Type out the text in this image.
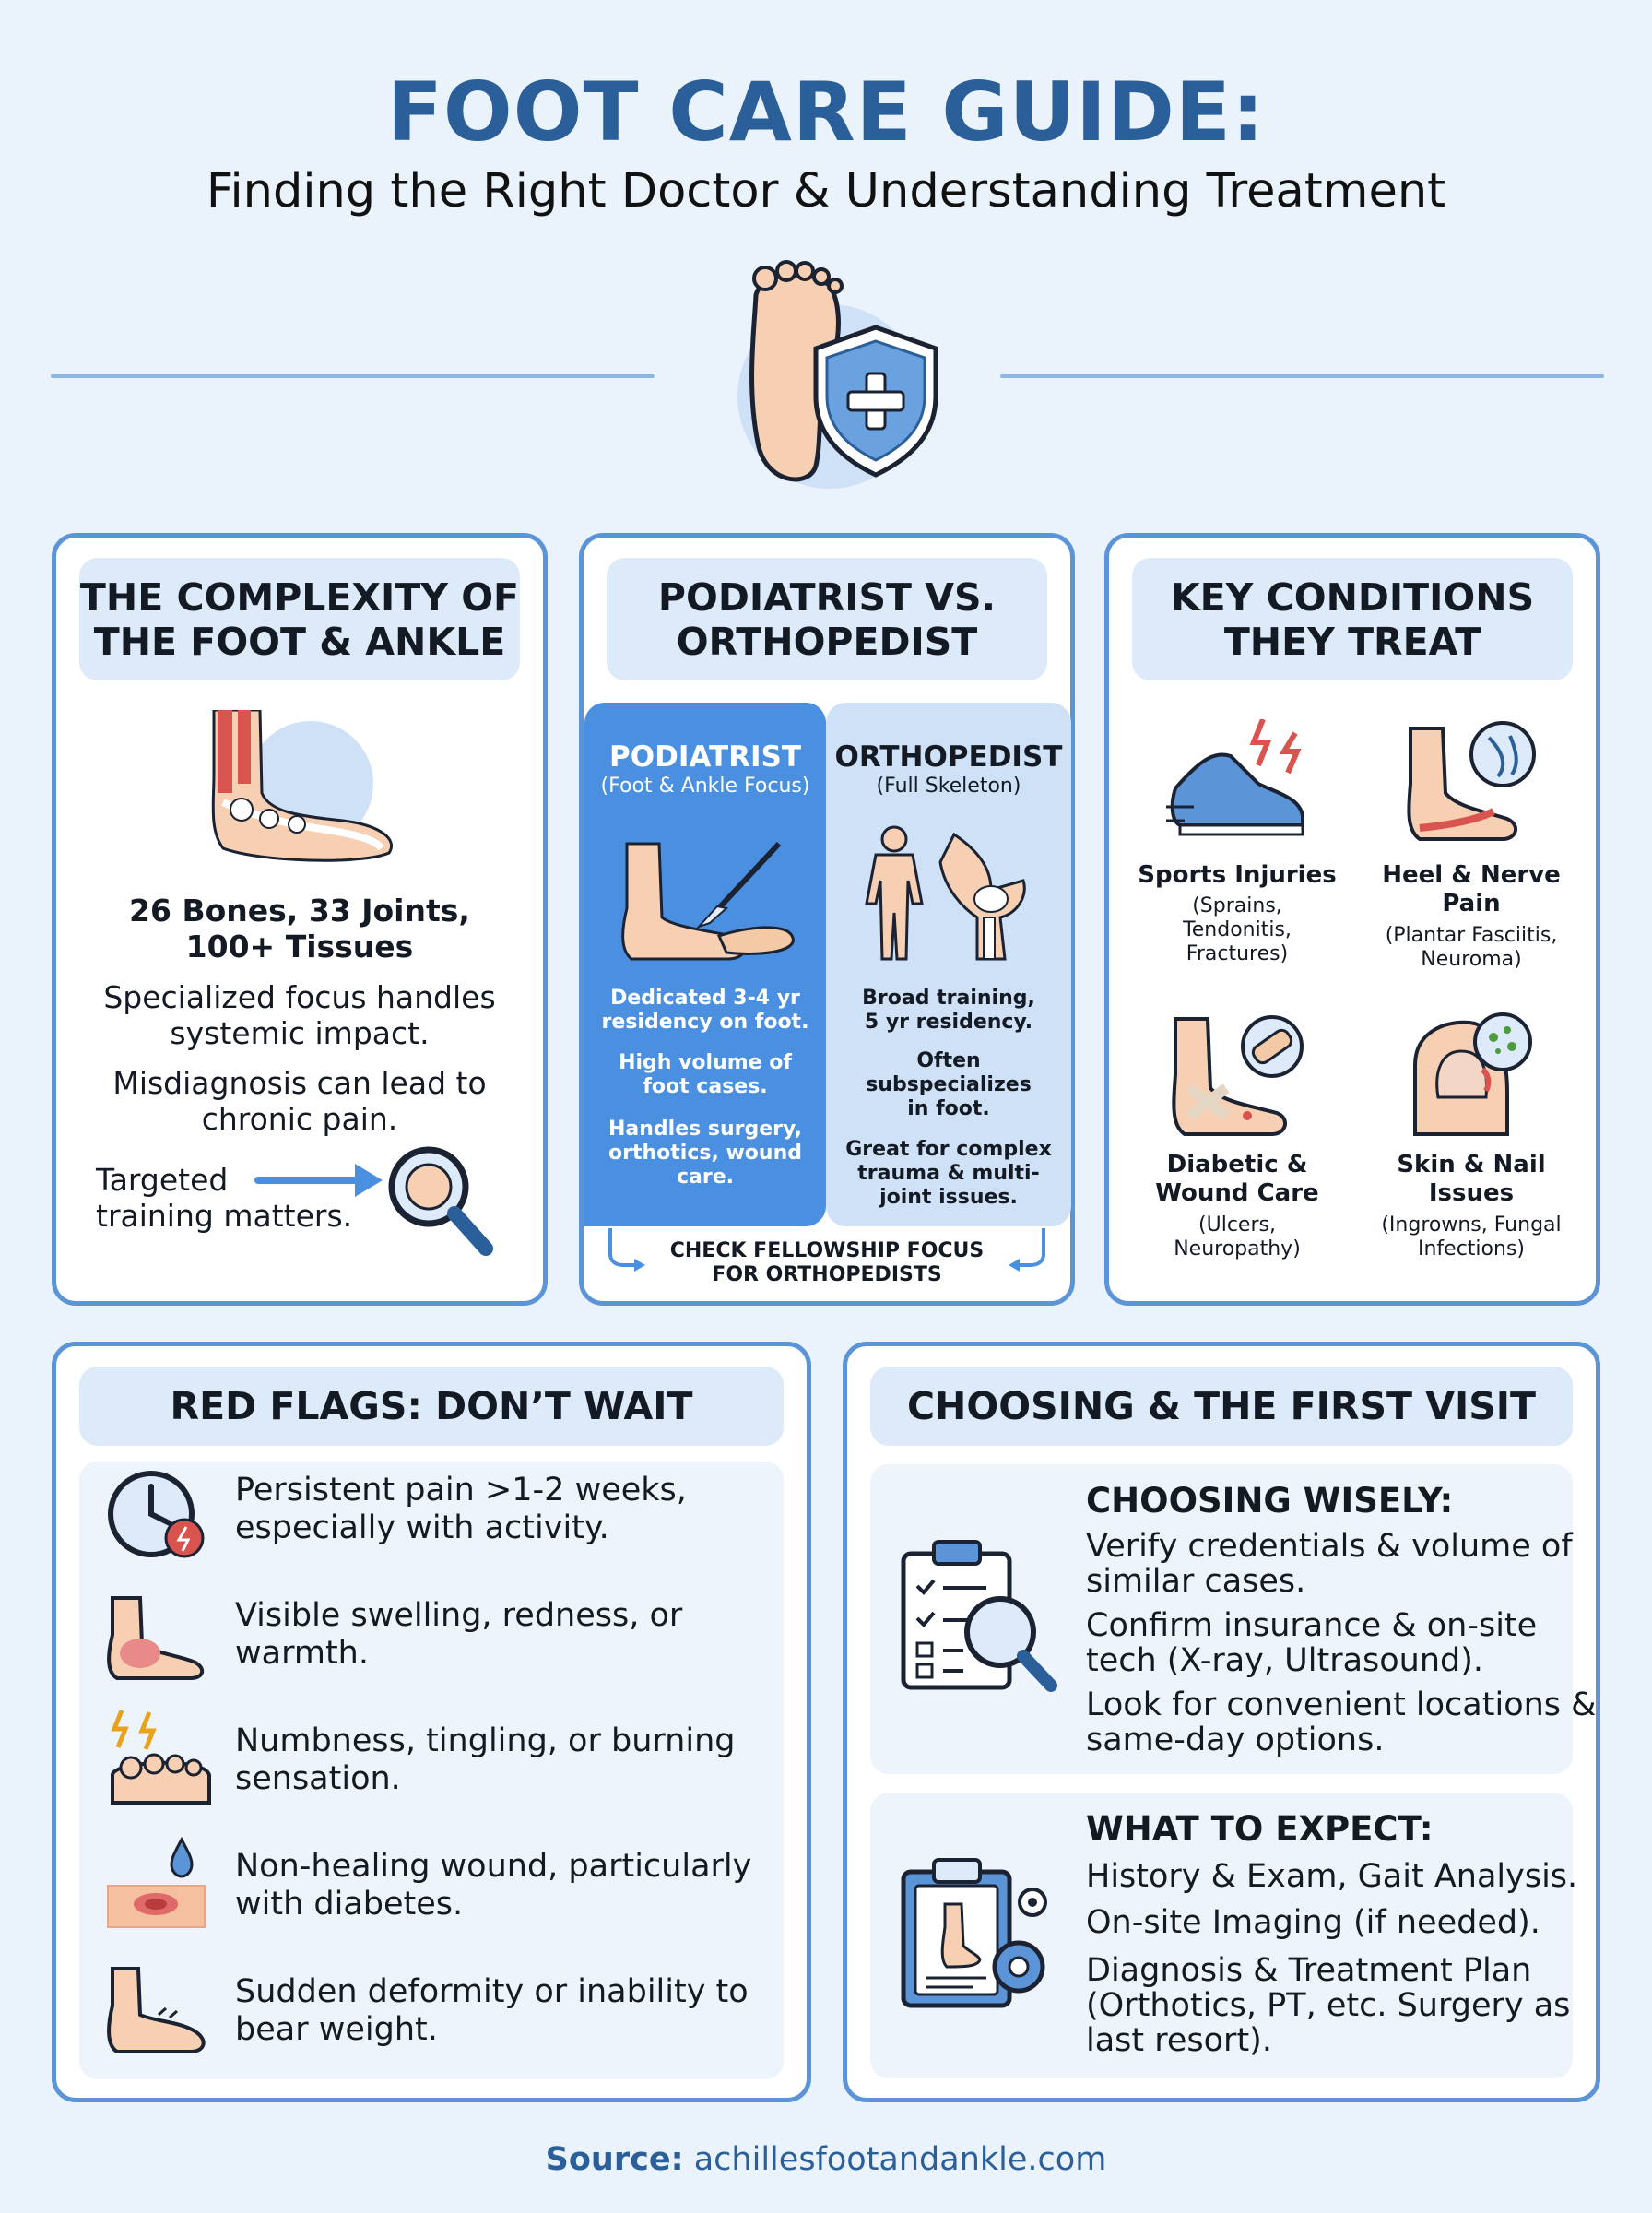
FOOT CARE GUIDE:
Finding the Right Doctor & Understanding Treatment
THE COMPLEXITY OF
THE FOOT & ANKLE
26 Bones, 33 Joints,
100+ Tissues
Specialized focus handles
systemic impact.
Misdiagnosis can lead to
chronic pain.
Targeted
training matters.
PODIATRIST VS.
ORTHOPEDIST
PODIATRIST
(Foot & Ankle Focus)
ORTHOPEDIST
(Full Skeleton)
Dedicated 3-4 yr
residency on foot.
High volume of
foot cases.
Handles surgery,
orthotics, wound
care.
Broad training,
5 yr residency.
Often
subspecializes
in foot.
Great for complex
trauma & multi-
joint issues.
CHECK FELLOWSHIP FOCUS
FOR ORTHOPEDISTS
KEY CONDITIONS
THEY TREAT
Sports Injuries
(Sprains,
Tendonitis,
Fractures)
Heel & Nerve
Pain
(Plantar Fasciitis,
Neuroma)
Diabetic &
Wound Care
(Ulcers,
Neuropathy)
Skin & Nail
Issues
(Ingrowns, Fungal
Infections)
RED FLAGS: DON’T WAIT
Persistent pain >1-2 weeks,
especially with activity.
Visible swelling, redness, or
warmth.
Numbness, tingling, or burning
sensation.
Non-healing wound, particularly
with diabetes.
Sudden deformity or inability to
bear weight.
CHOOSING & THE FIRST VISIT
CHOOSING WISELY:
Verify credentials & volume of
similar cases.
Confirm insurance & on-site
tech (X-ray, Ultrasound).
Look for convenient locations &
same-day options.
WHAT TO EXPECT:
History & Exam, Gait Analysis.
On-site Imaging (if needed).
Diagnosis & Treatment Plan
(Orthotics, PT, etc. Surgery as
last resort).
Source: achillesfootandankle.com
